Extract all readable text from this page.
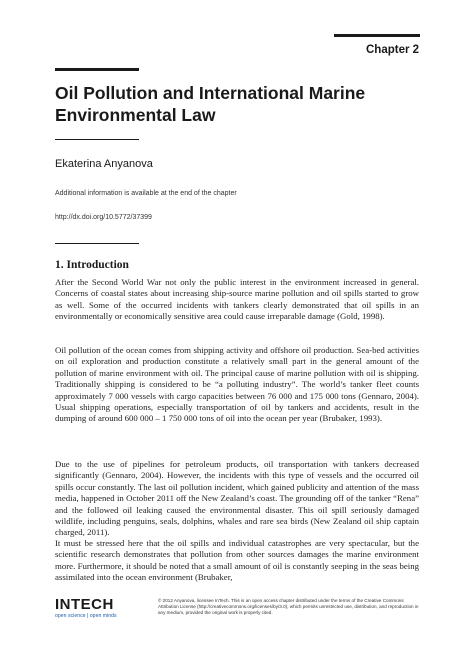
Chapter 2
Oil Pollution and International Marine Environmental Law
Ekaterina Anyanova
Additional information is available at the end of the chapter
http://dx.doi.org/10.5772/37399
1. Introduction

After the Second World War not only the public interest in the environment increased in general. Concerns of coastal states about increasing ship-source marine pollution and oil spills started to grow as well. Some of the occurred incidents with tankers clearly demonstrated that oil spills in an environmentally or economically sensitive area could cause irreparable damage (Gold, 1998).

Oil pollution of the ocean comes from shipping activity and offshore oil production. Sea-bed activities on oil exploration and production constitute a relatively small part in the general amount of the pollution of marine environment with oil. The principal cause of marine pollution with oil is shipping. Traditionally shipping is considered to be “a polluting industry”. The world’s tanker fleet counts approximately 7 000 vessels with cargo capacities between 76 000 and 175 000 tons (Gennaro, 2004). Usual shipping operations, especially transportation of oil by tankers and accidents, result in the dumping of around 600 000 – 1 750 000 tons of oil into the ocean per year (Brubaker, 1993).

Due to the use of pipelines for petroleum products, oil transportation with tankers decreased significantly (Gennaro, 2004). However, the incidents with this type of vessels and the occurred oil spills occur constantly. The last oil pollution incident, which gained publicity and attention of the mass media, happened in October 2011 off the New Zealand’s coast. The grounding off of the tanker “Rena” and the followed oil leaking caused the environmental disaster. This oil spill seriously damaged wildlife, including penguins, seals, dolphins, whales and rare sea birds (New Zealand oil ship captain charged, 2011).

It must be stressed here that the oil spills and individual catastrophes are very spectacular, but the scientific research demonstrates that pollution from other sources damages the marine environment more. Furthermore, it should be noted that a small amount of oil is constantly seeping in the seas being assimilated into the ocean environment (Brubaker,

INTECH
open science | open minds
© 2012 Anyanova, licensee InTech. This is an open access chapter distributed under the terms of the Creative Commons Attribution License (http://creativecommons.org/licenses/by/3.0), which permits unrestricted use, distribution, and reproduction in any medium, provided the original work is properly cited.
